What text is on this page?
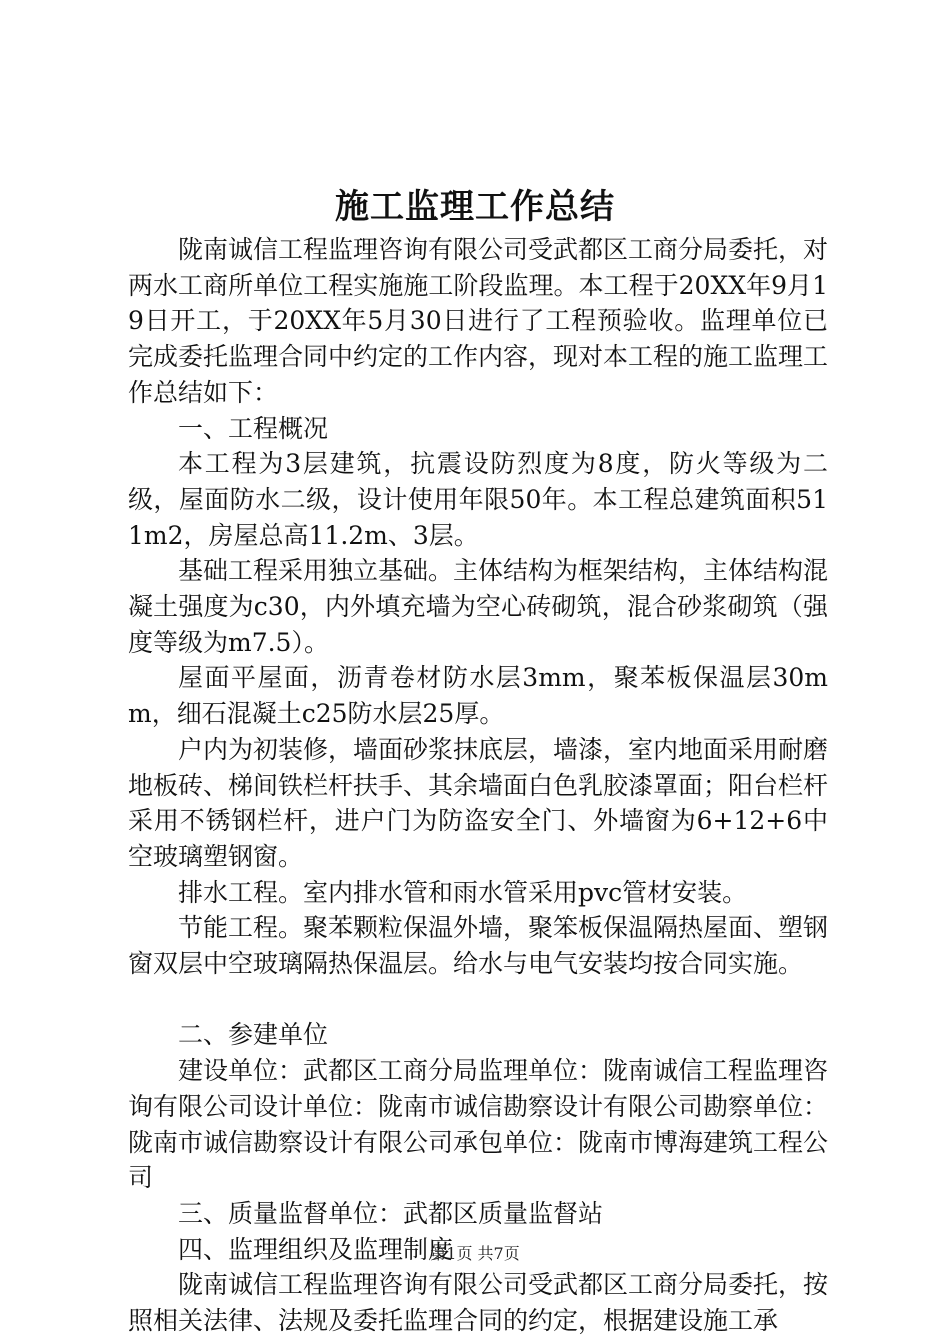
施工监理工作总结

陇南诚信工程监理咨询有限公司受武都区工商分局委托，对两水工商所单位工程实施施工阶段监理。本工程于20XX年9月19日开工，于20XX年5月30日进行了工程预验收。监理单位已完成委托监理合同中约定的工作内容，现对本工程的施工监理工作总结如下：

一、工程概况

本工程为3层建筑，抗震设防烈度为8度，防火等级为二级，屋面防水二级，设计使用年限50年。本工程总建筑面积511m2，房屋总高11.2m、3层。

基础工程采用独立基础。主体结构为框架结构，主体结构混凝土强度为c30，内外填充墙为空心砖砌筑，混合砂浆砌筑（强度等级为m7.5）。

屋面平屋面，沥青卷材防水层3mm，聚苯板保温层30mm，细石混凝土c25防水层25厚。

户内为初装修，墙面砂浆抹底层，墙漆，室内地面采用耐磨地板砖、梯间铁栏杆扶手、其余墙面白色乳胶漆罩面；阳台栏杆采用不锈钢栏杆，进户门为防盗安全门、外墙窗为6+12+6中空玻璃塑钢窗。

排水工程。室内排水管和雨水管采用pvc管材安装。

节能工程。聚苯颗粒保温外墙，聚笨板保温隔热屋面、塑钢窗双层中空玻璃隔热保温层。给水与电气安装均按合同实施。

二、参建单位

建设单位：武都区工商分局监理单位：陇南诚信工程监理咨询有限公司设计单位：陇南市诚信勘察设计有限公司勘察单位：陇南市诚信勘察设计有限公司承包单位：陇南市博海建筑工程公司

三、质量监督单位：武都区质量监督站

四、监理组织及监理制度

陇南诚信工程监理咨询有限公司受武都区工商分局委托，按照相关法律、法规及委托监理合同的约定，根据建设施工承

第1页 共7页
